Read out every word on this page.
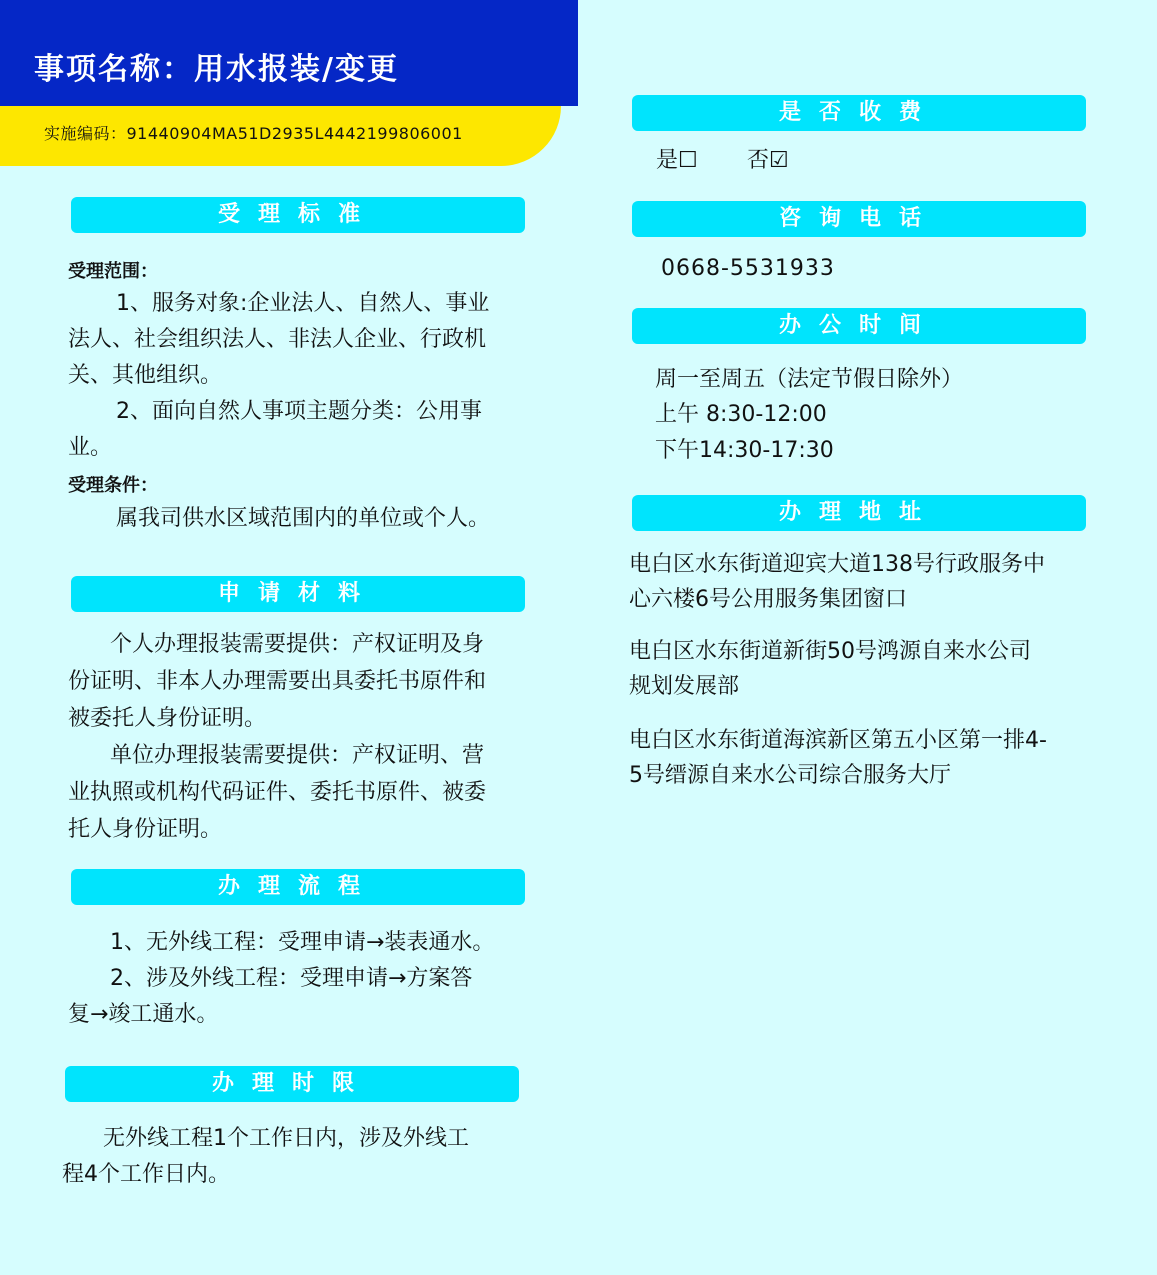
事项名称：用水报装/变更
实施编码：91440904MA51D2935L4442199806001
受理标准
受理范围：
1、服务对象:企业法人、自然人、事业
法人、社会组织法人、非法人企业、行政机
关、其他组织。
2、面向自然人事项主题分类：公用事
业。
受理条件：
属我司供水区域范围内的单位或个人。
申请材料
个人办理报装需要提供：产权证明及身
份证明、非本人办理需要出具委托书原件和
被委托人身份证明。
单位办理报装需要提供：产权证明、营
业执照或机构代码证件、委托书原件、被委
托人身份证明。
办理流程
1、无外线工程：受理申请→装表通水。
2、涉及外线工程：受理申请→方案答
复→竣工通水。
办理时限
无外线工程1个工作日内，涉及外线工
程4个工作日内。
是否收费
是☐ 否☑
咨询电话
0668-5531933
办公时间
周一至周五（法定节假日除外）
上午 8:30-12:00
下午14:30-17:30
办理地址
电白区水东街道迎宾大道138号行政服务中
心六楼6号公用服务集团窗口
电白区水东街道新街50号鸿源自来水公司
规划发展部
电白区水东街道海滨新区第五小区第一排4-
5号缙源自来水公司综合服务大厅
